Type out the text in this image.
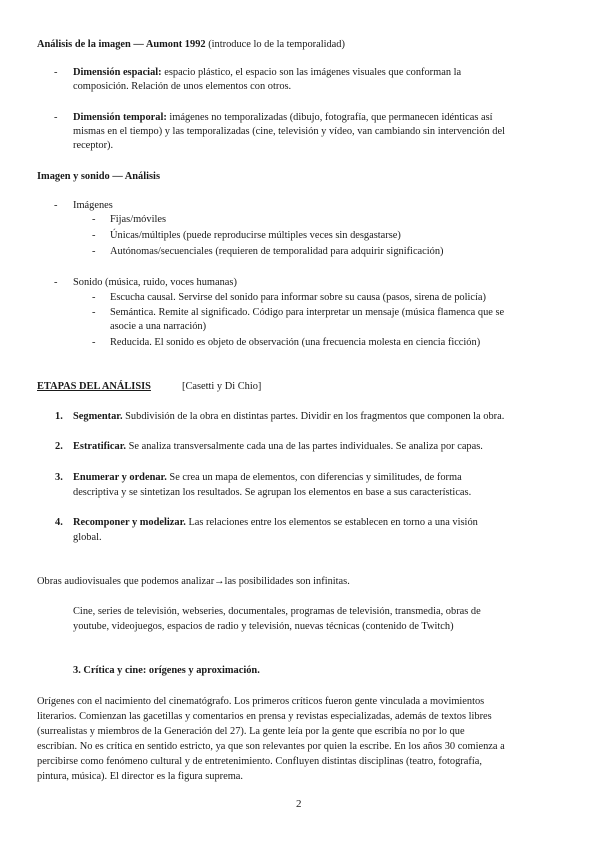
Análisis de la imagen — Aumont 1992 (introduce lo de la temporalidad)

- Dimensión espacial: espacio plástico, el espacio son las imágenes visuales que conforman la

composición. Relación de unos elementos con otros.

- Dimensión temporal: imágenes no temporalizadas (dibujo, fotografía, que permanecen idénticas así

mismas en el tiempo) y las temporalizadas (cine, televisión y vídeo, van cambiando sin intervención del

receptor).

Imagen y sonido — Análisis

- Imágenes

- Fijas/móviles

- Únicas/múltiples (puede reproducirse múltiples veces sin desgastarse)

- Autónomas/secuenciales (requieren de temporalidad para adquirir significación)

- Sonido (música, ruido, voces humanas)

- Escucha causal. Servirse del sonido para informar sobre su causa (pasos, sirena de policía)

- Semántica. Remite al significado. Código para interpretar un mensaje (música flamenca que se

asocie a una narración)

- Reducida. El sonido es objeto de observación (una frecuencia molesta en ciencia ficción)

ETAPAS DEL ANÁLISIS	[Casetti y Di Chio]

1. Segmentar. Subdivisión de la obra en distintas partes. Dividir en los fragmentos que componen la obra.

2. Estratificar. Se analiza transversalmente cada una de las partes individuales. Se analiza por capas.

3. Enumerar y ordenar. Se crea un mapa de elementos, con diferencias y similitudes, de forma

descriptiva y se sintetizan los resultados. Se agrupan los elementos en base a sus características.

4. Recomponer y modelizar. Las relaciones entre los elementos se establecen en torno a una visión

global.

Obras audiovisuales que podemos analizar→las posibilidades son infinitas.

Cine, series de televisión, webseries, documentales, programas de televisión, transmedia, obras de

youtube, videojuegos, espacios de radio y televisión, nuevas técnicas (contenido de Twitch)

3. Crítica y cine: orígenes y aproximación.

Orígenes con el nacimiento del cinematógrafo. Los primeros críticos fueron gente vinculada a movimientos

literarios. Comienzan las gacetillas y comentarios en prensa y revistas especializadas, además de textos libres

(surrealistas y miembros de la Generación del 27). La gente leía por la gente que escribía no por lo que

escribían. No es crítica en sentido estricto, ya que son relevantes por quien la escribe. En los años 30 comienza a

percibirse como fenómeno cultural y de entretenimiento. Confluyen distintas disciplinas (teatro, fotografía,

pintura, música). El director es la figura suprema.

2
